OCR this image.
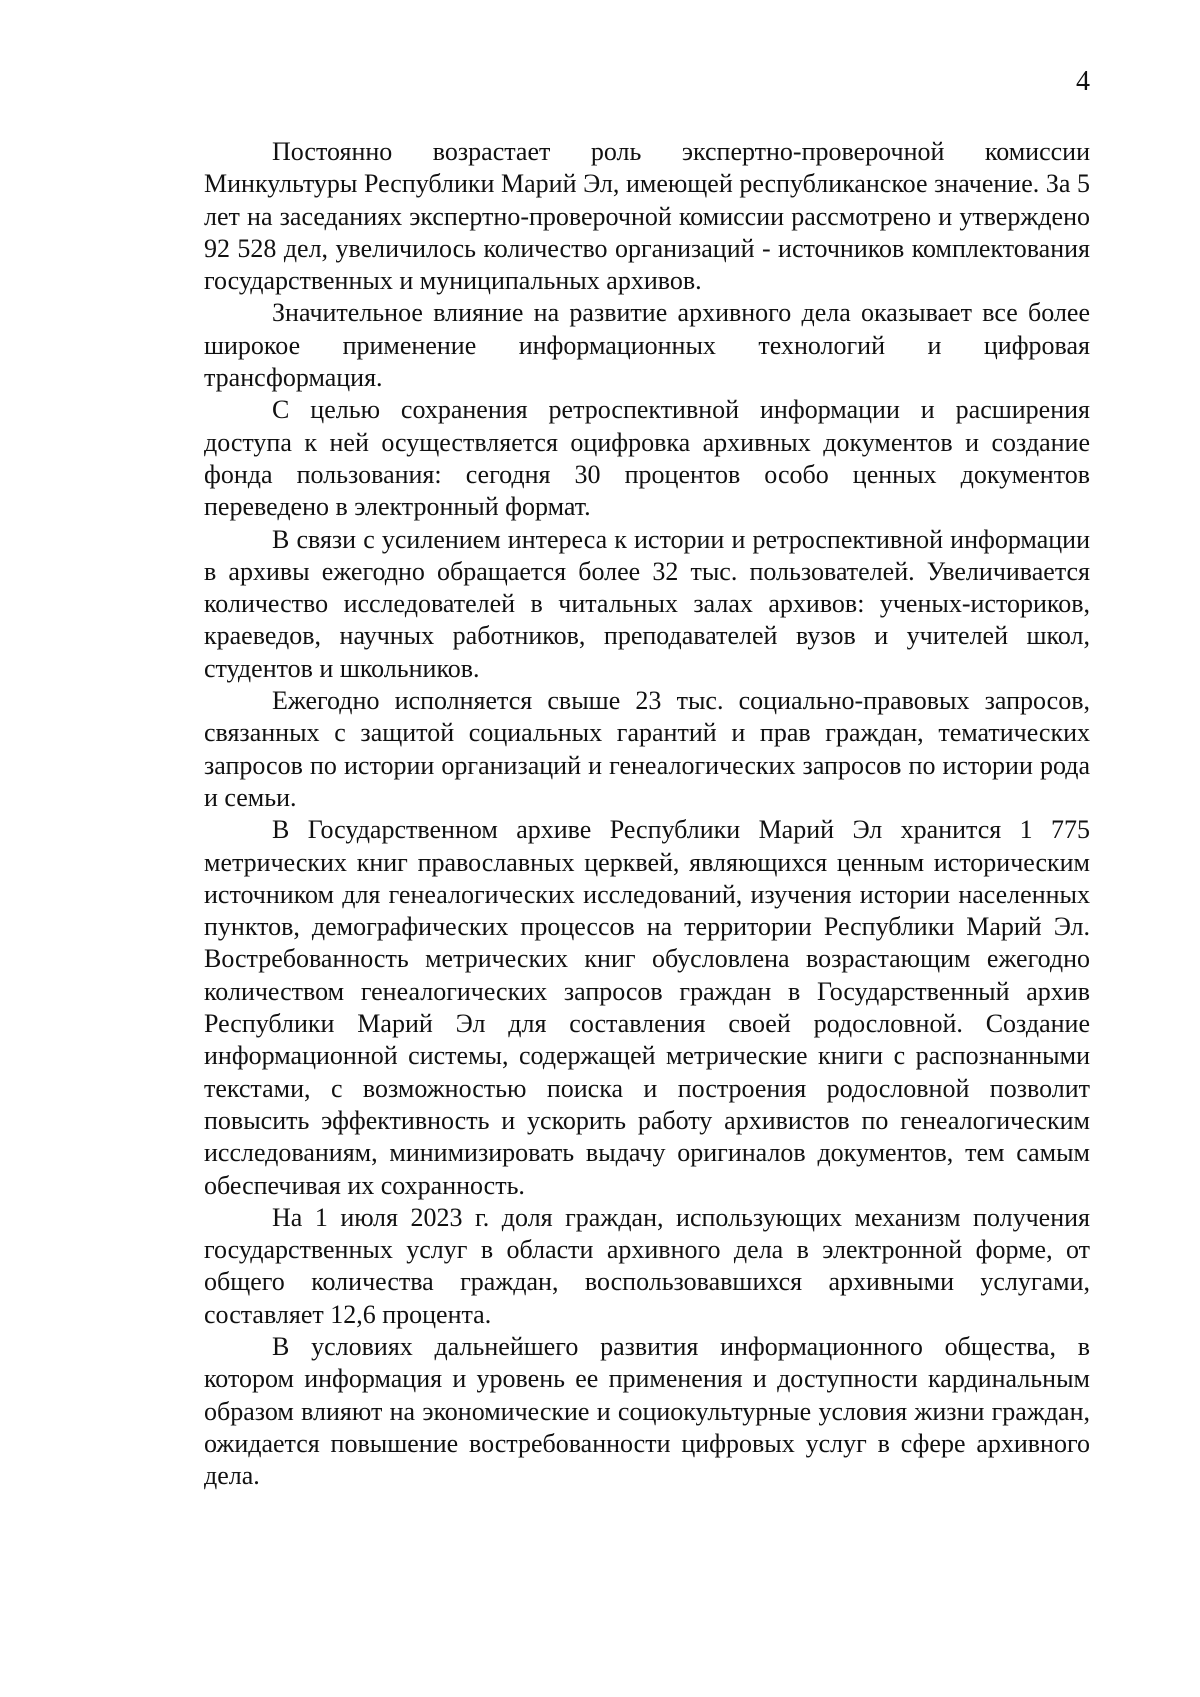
4

Постоянно возрастает роль экспертно-проверочной комиссии Минкультуры Республики Марий Эл, имеющей республиканское значение. За 5 лет на заседаниях экспертно-проверочной комиссии рассмотрено и утверждено 92 528 дел, увеличилось количество организаций - источников комплектования государственных и муниципальных архивов.

Значительное влияние на развитие архивного дела оказывает все более широкое применение информационных технологий и цифровая трансформация.

С целью сохранения ретроспективной информации и расширения доступа к ней осуществляется оцифровка архивных документов и создание фонда пользования: сегодня 30 процентов особо ценных документов переведено в электронный формат.

В связи с усилением интереса к истории и ретроспективной информации в архивы ежегодно обращается более 32 тыс. пользователей. Увеличивается количество исследователей в читальных залах архивов: ученых-историков, краеведов, научных работников, преподавателей вузов и учителей школ, студентов и школьников.

Ежегодно исполняется свыше 23 тыс. социально-правовых запросов, связанных с защитой социальных гарантий и прав граждан, тематических запросов по истории организаций и генеалогических запросов по истории рода и семьи.

В Государственном архиве Республики Марий Эл хранится 1 775 метрических книг православных церквей, являющихся ценным историческим источником для генеалогических исследований, изучения истории населенных пунктов, демографических процессов на территории Республики Марий Эл. Востребованность метрических книг обусловлена возрастающим ежегодно количеством генеалогических запросов граждан в Государственный архив Республики Марий Эл для составления своей родословной. Создание информационной системы, содержащей метрические книги с распознанными текстами, с возможностью поиска и построения родословной позволит повысить эффективность и ускорить работу архивистов по генеалогическим исследованиям, минимизировать выдачу оригиналов документов, тем самым обеспечивая их сохранность.

На 1 июля 2023 г. доля граждан, использующих механизм получения государственных услуг в области архивного дела в электронной форме, от общего количества граждан, воспользовавшихся архивными услугами, составляет 12,6 процента.

В условиях дальнейшего развития информационного общества, в котором информация и уровень ее применения и доступности кардинальным образом влияют на экономические и социокультурные условия жизни граждан, ожидается повышение востребованности цифровых услуг в сфере архивного дела.
